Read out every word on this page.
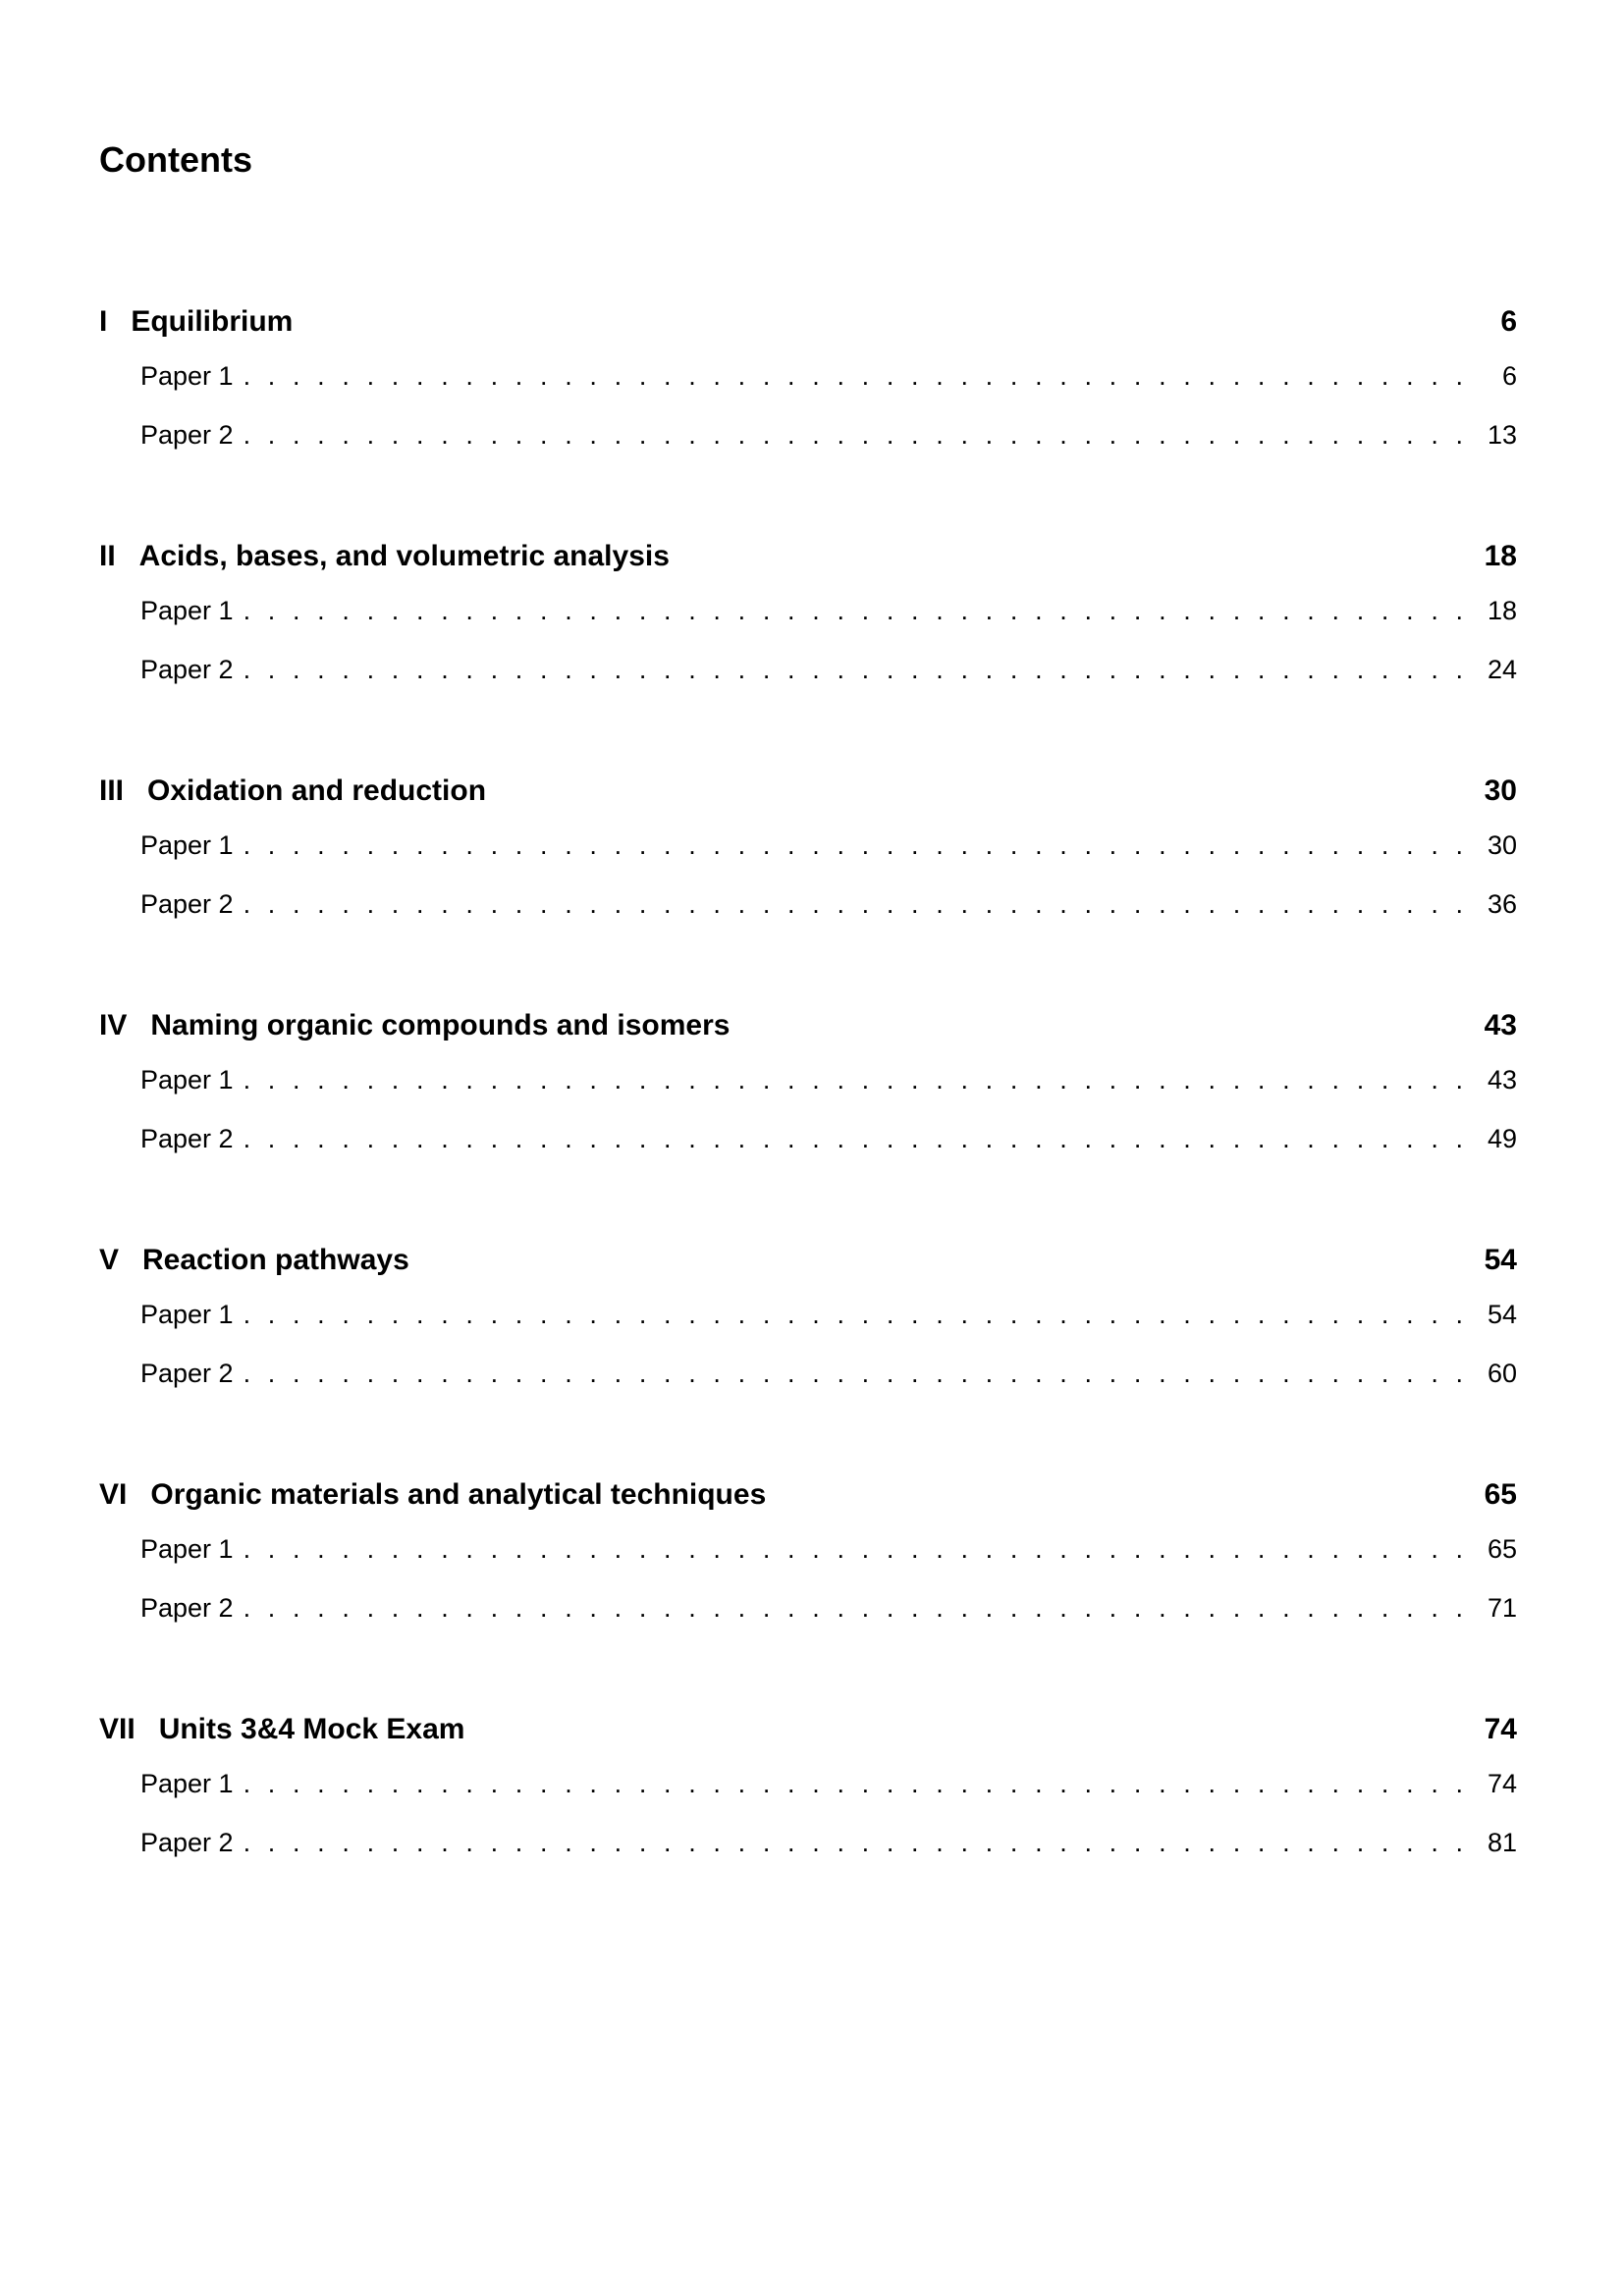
Contents
I Equilibrium	6
Paper 1 . . .	6
Paper 2 . . .	13
II Acids, bases, and volumetric analysis	18
Paper 1 . . .	18
Paper 2 . . .	24
III Oxidation and reduction	30
Paper 1 . . .	30
Paper 2 . . .	36
IV Naming organic compounds and isomers	43
Paper 1 . . .	43
Paper 2 . . .	49
V Reaction pathways	54
Paper 1 . . .	54
Paper 2 . . .	60
VI Organic materials and analytical techniques	65
Paper 1 . . .	65
Paper 2 . . .	71
VII Units 3&4 Mock Exam	74
Paper 1 . . .	74
Paper 2 . . .	81
